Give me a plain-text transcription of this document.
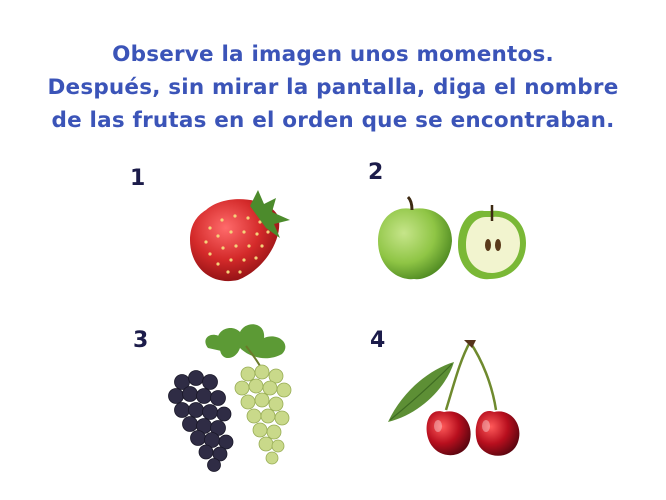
Observe la imagen unos momentos.
Después, sin mirar la pantalla, diga el nombre
de las frutas en el orden que se encontraban.
1	2
3	4
